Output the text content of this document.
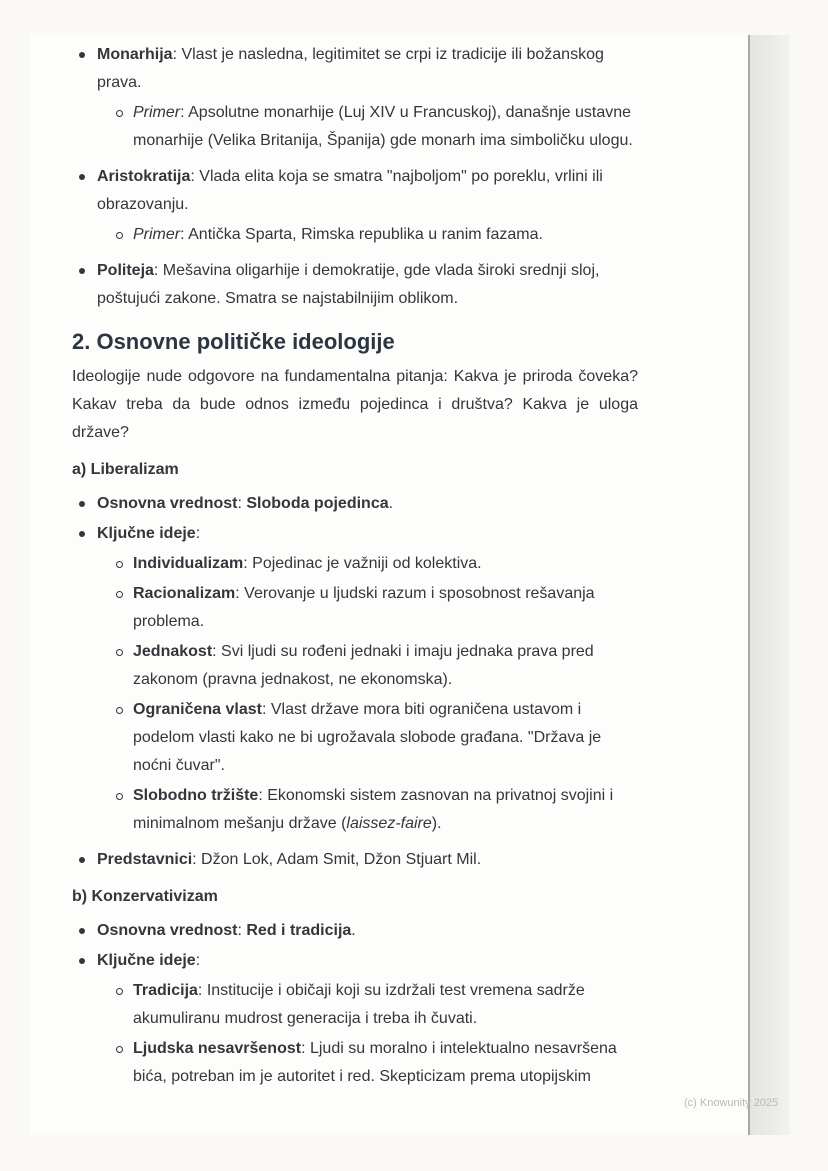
Monarhija: Vlast je nasledna, legitimitet se crpi iz tradicije ili božanskog prava.
Primer: Apsolutne monarhije (Luj XIV u Francuskoj), današnje ustavne monarhije (Velika Britanija, Španija) gde monarh ima simboličku ulogu.
Aristokratija: Vlada elita koja se smatra "najboljom" po poreklu, vrlini ili obrazovanju.
Primer: Antička Sparta, Rimska republika u ranim fazama.
Politeja: Mešavina oligarhije i demokratije, gde vlada široki srednji sloj, poštujući zakone. Smatra se najstabilnijim oblikom.
2. Osnovne političke ideologije

Ideologije nude odgovore na fundamentalna pitanja: Kakva je priroda čoveka? Kakav treba da bude odnos između pojedinca i društva? Kakva je uloga države?

a) Liberalizam
Osnovna vrednost: Sloboda pojedinca.
Ključne ideje:
Individualizam: Pojedinac je važniji od kolektiva.
Racionalizam: Verovanje u ljudski razum i sposobnost rešavanja problema.
Jednakost: Svi ljudi su rođeni jednaki i imaju jednaka prava pred zakonom (pravna jednakost, ne ekonomska).
Ograničena vlast: Vlast države mora biti ograničena ustavom i podelom vlasti kako ne bi ugrožavala slobode građana. "Država je noćni čuvar".
Slobodno tržište: Ekonomski sistem zasnovan na privatnoj svojini i minimalnom mešanju države (laissez-faire).
Predstavnici: Džon Lok, Adam Smit, Džon Stjuart Mil.
b) Konzervativizam
Osnovna vrednost: Red i tradicija.
Ključne ideje:
Tradicija: Institucije i običaji koji su izdržali test vremena sadrže akumuliranu mudrost generacija i treba ih čuvati.
Ljudska nesavršenost: Ljudi su moralno i intelektualno nesavršena bića, potreban im je autoritet i red. Skepticizam prema utopijskim
(c) Knowunity 2025
